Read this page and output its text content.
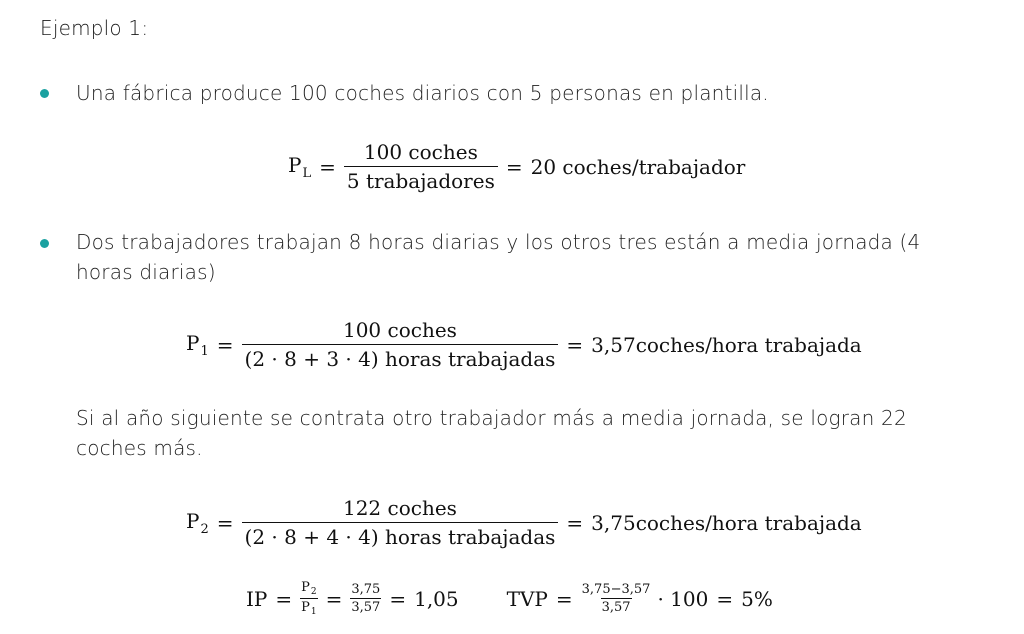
Ejemplo 1:
Una fábrica produce 100 coches diarios con 5 personas en plantilla.
$P_L = \frac{\text{100 coches}}{\text{5 trabajadores}} = 20$ coches/trabajador
Dos trabajadores trabajan 8 horas diarias y los otros tres están a media jornada (4 horas diarias)
$P_1 = \frac{\text{100 coches}}{\text{(2 · 8 + 3 · 4) horas trabajadas}}$ = 3,57coches/hora trabajada
Si al año siguiente se contrata otro trabajador más a media jornada, se logran 22 coches más.
$P_2 = \frac{\text{122 coches}}{\text{(2 · 8 + 4 · 4) horas trabajadas}}$ = 3,75coches/hora trabajada
IP = $\frac{P_2}{P_1} = \frac{3,75}{3,57} = 1,05$ TVP = $\frac{3,75-3,57}{3,57} \cdot 100 = 5\%$
